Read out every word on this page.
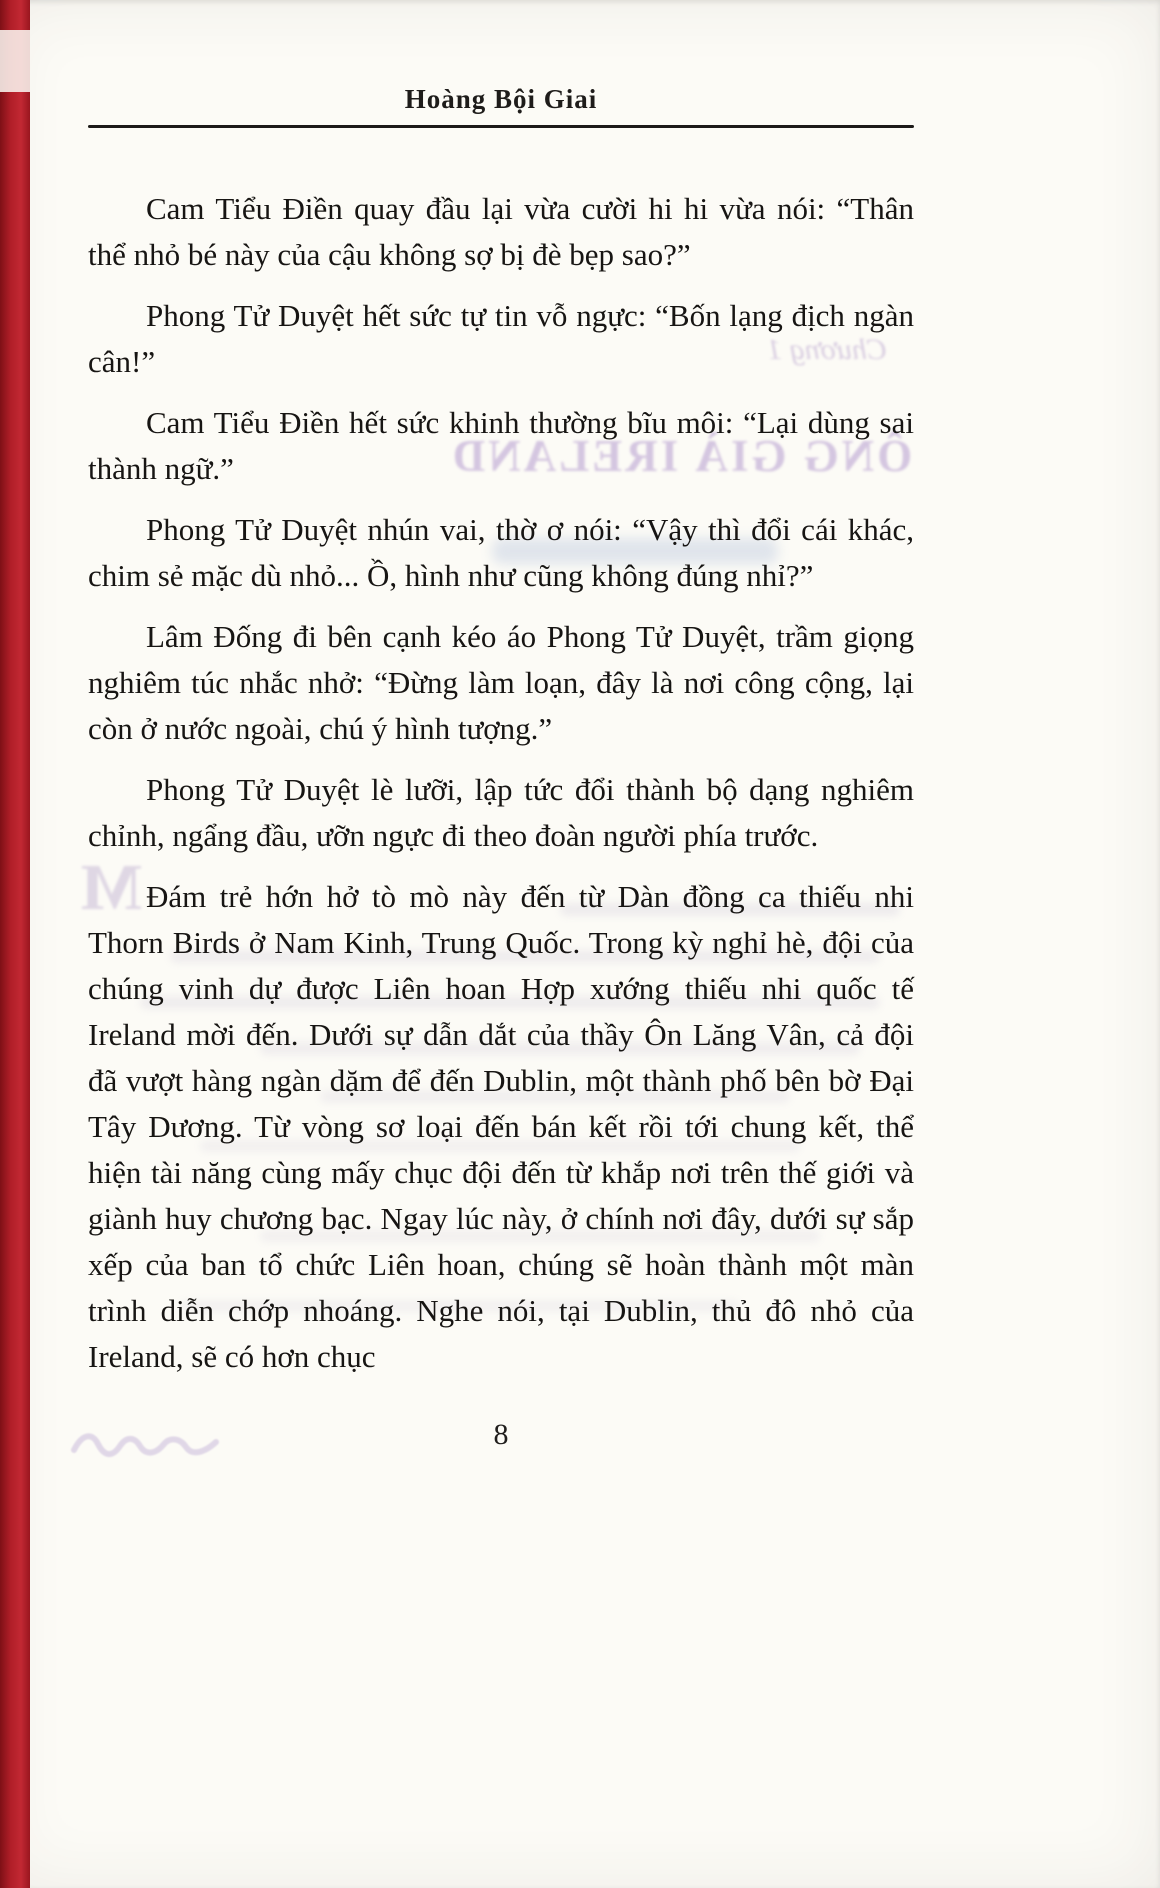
Chương 1
ÔNG GIÀ IRELAND
M
Hoàng Bội Giai

Cam Tiểu Điền quay đầu lại vừa cười hi hi vừa nói: “Thân thể nhỏ bé này của cậu không sợ bị đè bẹp sao?”

Phong Tử Duyệt hết sức tự tin vỗ ngực: “Bốn lạng địch ngàn cân!”

Cam Tiểu Điền hết sức khinh thường bĩu môi: “Lại dùng sai thành ngữ.”

Phong Tử Duyệt nhún vai, thờ ơ nói: “Vậy thì đổi cái khác, chim sẻ mặc dù nhỏ... Ồ, hình như cũng không đúng nhỉ?”

Lâm Đống đi bên cạnh kéo áo Phong Tử Duyệt, trầm giọng nghiêm túc nhắc nhở: “Đừng làm loạn, đây là nơi công cộng, lại còn ở nước ngoài, chú ý hình tượng.”

Phong Tử Duyệt lè lưỡi, lập tức đổi thành bộ dạng nghiêm chỉnh, ngẩng đầu, ưỡn ngực đi theo đoàn người phía trước.

Đám trẻ hớn hở tò mò này đến từ Dàn đồng ca thiếu nhi Thorn Birds ở Nam Kinh, Trung Quốc. Trong kỳ nghỉ hè, đội của chúng vinh dự được Liên hoan Hợp xướng thiếu nhi quốc tế Ireland mời đến. Dưới sự dẫn dắt của thầy Ôn Lăng Vân, cả đội đã vượt hàng ngàn dặm để đến Dublin, một thành phố bên bờ Đại Tây Dương. Từ vòng sơ loại đến bán kết rồi tới chung kết, thể hiện tài năng cùng mấy chục đội đến từ khắp nơi trên thế giới và giành huy chương bạc. Ngay lúc này, ở chính nơi đây, dưới sự sắp xếp của ban tổ chức Liên hoan, chúng sẽ hoàn thành một màn trình diễn chớp nhoáng. Nghe nói, tại Dublin, thủ đô nhỏ của Ireland, sẽ có hơn chục

8
